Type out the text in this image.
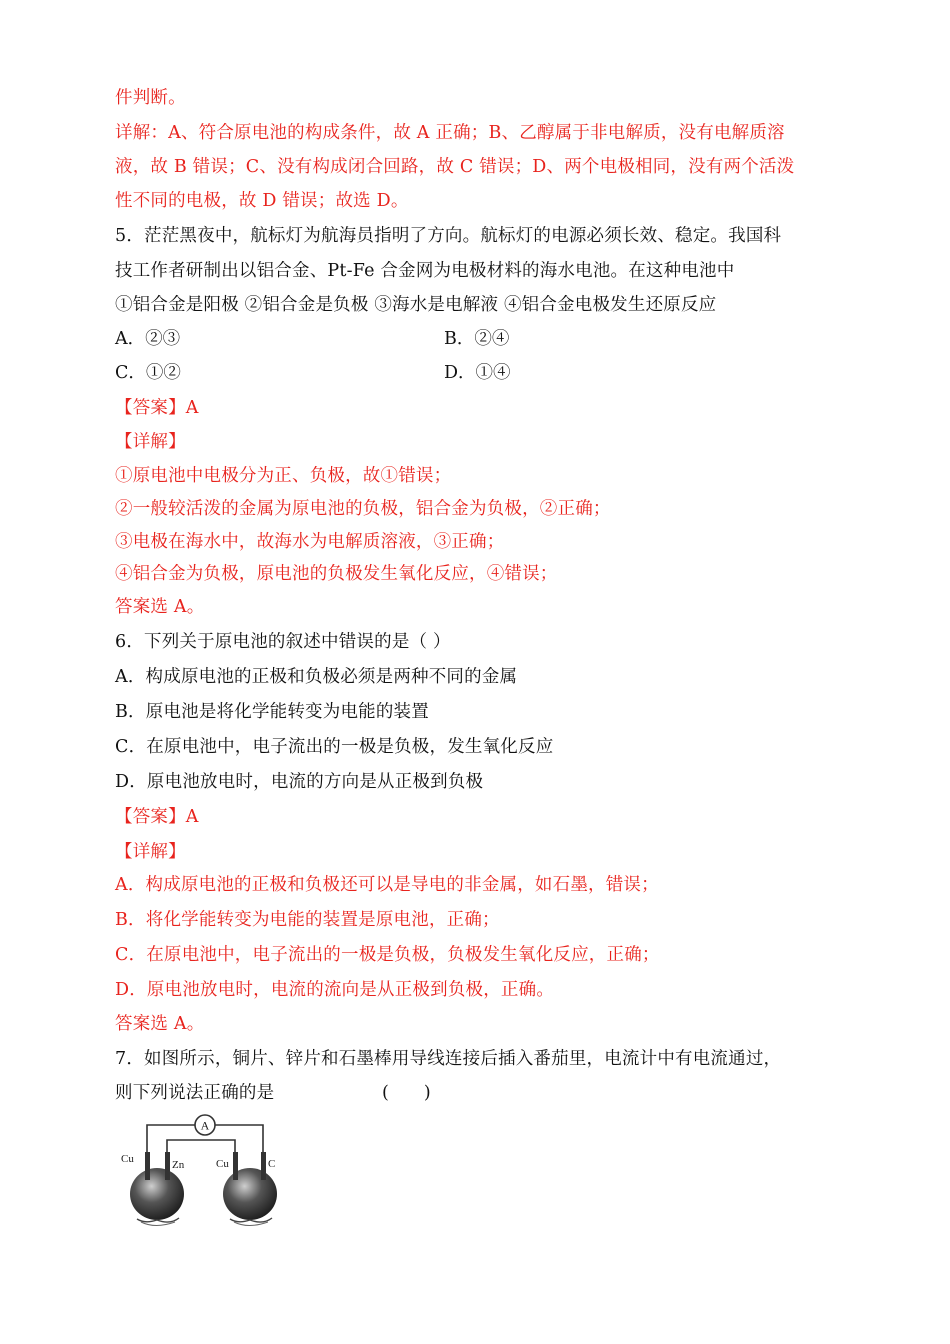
件判断。
详解：A、符合原电池的构成条件，故 A 正确；B、乙醇属于非电解质，没有电解质溶
液，故 B 错误；C、没有构成闭合回路，故 C 错误；D、两个电极相同，没有两个活泼
性不同的电极，故 D 错误；故选 D。
5．茫茫黑夜中，航标灯为航海员指明了方向。航标灯的电源必须长效、稳定。我国科
技工作者研制出以铝合金、Pt-Fe 合金网为电极材料的海水电池。在这种电池中
①铝合金是阳极 ②铝合金是负极 ③海水是电解液 ④铝合金电极发生还原反应
A．②③	B．②④
C．①②	D．①④
【答案】A
【详解】
①原电池中电极分为正、负极，故①错误；
②一般较活泼的金属为原电池的负极，铝合金为负极，②正确；
③电极在海水中，故海水为电解质溶液，③正确；
④铝合金为负极，原电池的负极发生氧化反应，④错误；
答案选 A。
6．下列关于原电池的叙述中错误的是（ ）
A．构成原电池的正极和负极必须是两种不同的金属
B．原电池是将化学能转变为电能的装置
C．在原电池中，电子流出的一极是负极，发生氧化反应
D．原电池放电时，电流的方向是从正极到负极
【答案】A
【详解】
A．构成原电池的正极和负极还可以是导电的非金属，如石墨，错误；
B．将化学能转变为电能的装置是原电池，正确；
C．在原电池中，电子流出的一极是负极，负极发生氧化反应，正确；
D．原电池放电时，电流的流向是从正极到负极，正确。
答案选 A。
7．如图所示，铜片、锌片和石墨棒用导线连接后插入番茄里，电流计中有电流通过，
则下列说法正确的是	(　　)
A
Cu	Zn	Cu	C
